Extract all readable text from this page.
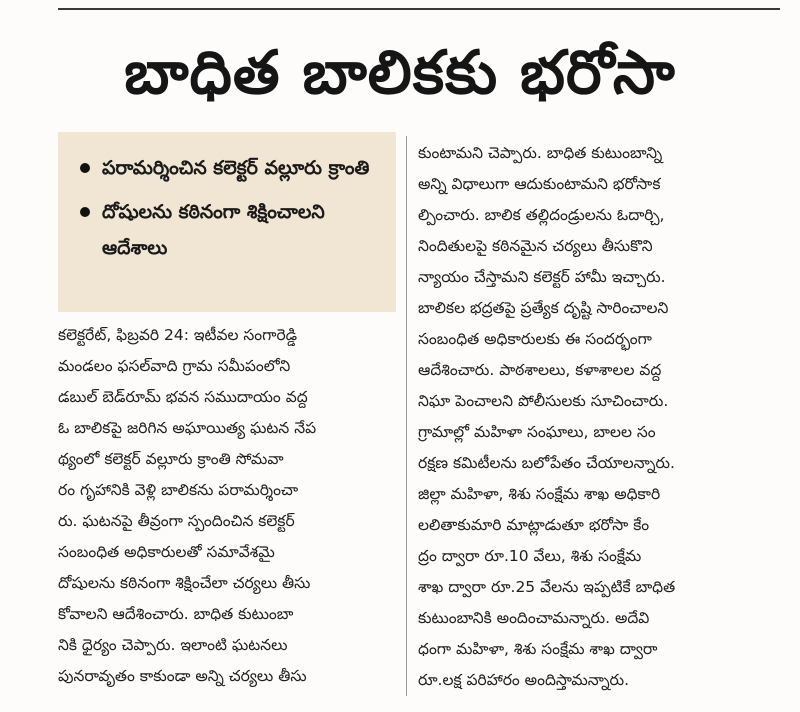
బాధిత బాలికకు భరోసా
పరామర్శించిన కలెక్టర్ వల్లూరు క్రాంతి
దోషులను కఠినంగా శిక్షించాలని ఆదేశాలు
కలెక్టరేట్, ఫిబ్రవరి 24: ఇటీవల సంగారెడ్డి
మండలం ఫసల్‌వాది గ్రామ సమీపంలోని
డబుల్ బెడ్‌రూమ్ భవన సముదాయం వద్ద
ఓ బాలికపై జరిగిన అఘాయిత్య ఘటన నేప
థ్యంలో కలెక్టర్ వల్లూరు క్రాంతి సోమవా
రం గృహానికి వెళ్లి బాలికను పరామర్శించా
రు. ఘటనపై తీవ్రంగా స్పందించిన కలెక్టర్
సంబంధిత అధికారులతో సమావేశమై
దోషులను కఠినంగా శిక్షించేలా చర్యలు తీసు
కోవాలని ఆదేశించారు. బాధిత కుటుంబా
నికి ధైర్యం చెప్పారు. ఇలాంటి ఘటనలు
పునరావృతం కాకుండా అన్ని చర్యలు తీసు
కుంటామని చెప్పారు. బాధిత కుటుంబాన్ని
అన్ని విధాలుగా ఆదుకుంటామని భరోసాక
ల్పించారు. బాలిక తల్లిదండ్రులను ఓదార్చి,
నిందితులపై కఠినమైన చర్యలు తీసుకొని
న్యాయం చేస్తామని కలెక్టర్ హామీ ఇచ్చారు.
బాలికల భద్రతపై ప్రత్యేక దృష్టి సారించాలని
సంబంధిత అధికారులకు ఈ సందర్భంగా
ఆదేశించారు. పాఠశాలలు, కళాశాలల వద్ద
నిఘా పెంచాలని పోలీసులకు సూచించారు.
గ్రామాల్లో మహిళా సంఘాలు, బాలల సం
రక్షణ కమిటీలను బలోపేతం చేయాలన్నారు.
జిల్లా మహిళా, శిశు సంక్షేమ శాఖ అధికారి
లలితాకుమారి మాట్లాడుతూ భరోసా కేం
ద్రం ద్వారా రూ.10 వేలు, శిశు సంక్షేమ
శాఖ ద్వారా రూ.25 వేలను ఇప్పటికే బాధిత
కుటుంబానికి అందించామన్నారు. అదేవి
ధంగా మహిళా, శిశు సంక్షేమ శాఖ ద్వారా
రూ.లక్ష పరిహారం అందిస్తామన్నారు.
